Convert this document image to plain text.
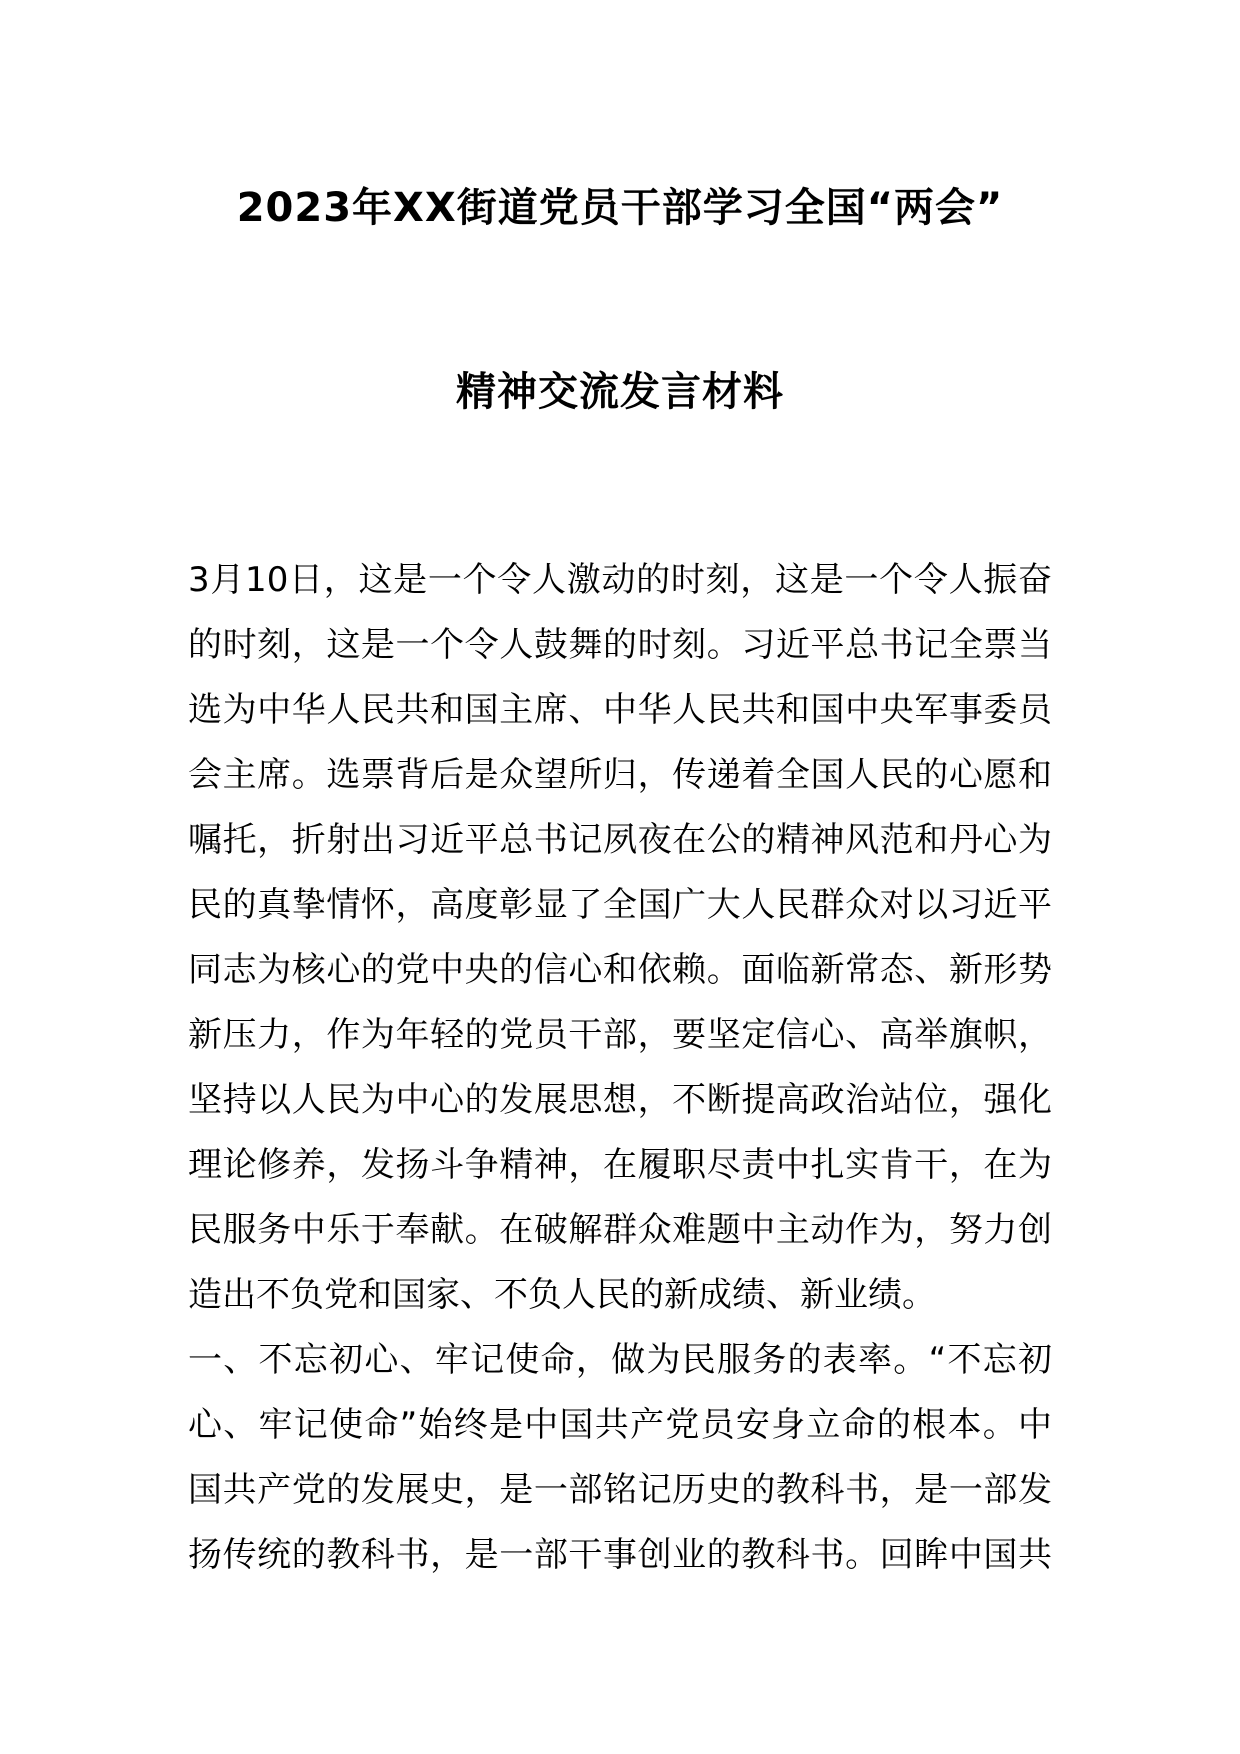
2023年XX街道党员干部学习全国“两会”
精神交流发言材料
3月10日，这是一个令人激动的时刻，这是一个令人振奋
的时刻，这是一个令人鼓舞的时刻。习近平总书记全票当
选为中华人民共和国主席、中华人民共和国中央军事委员
会主席。选票背后是众望所归，传递着全国人民的心愿和
嘱托，折射出习近平总书记夙夜在公的精神风范和丹心为
民的真挚情怀，高度彰显了全国广大人民群众对以习近平
同志为核心的党中央的信心和依赖。面临新常态、新形势
新压力，作为年轻的党员干部，要坚定信心、高举旗帜，
坚持以人民为中心的发展思想，不断提高政治站位，强化
理论修养，发扬斗争精神，在履职尽责中扎实肯干，在为
民服务中乐于奉献。在破解群众难题中主动作为，努力创
造出不负党和国家、不负人民的新成绩、新业绩。
一、不忘初心、牢记使命，做为民服务的表率。“不忘初
心、牢记使命”始终是中国共产党员安身立命的根本。中
国共产党的发展史，是一部铭记历史的教科书，是一部发
扬传统的教科书，是一部干事创业的教科书。回眸中国共
